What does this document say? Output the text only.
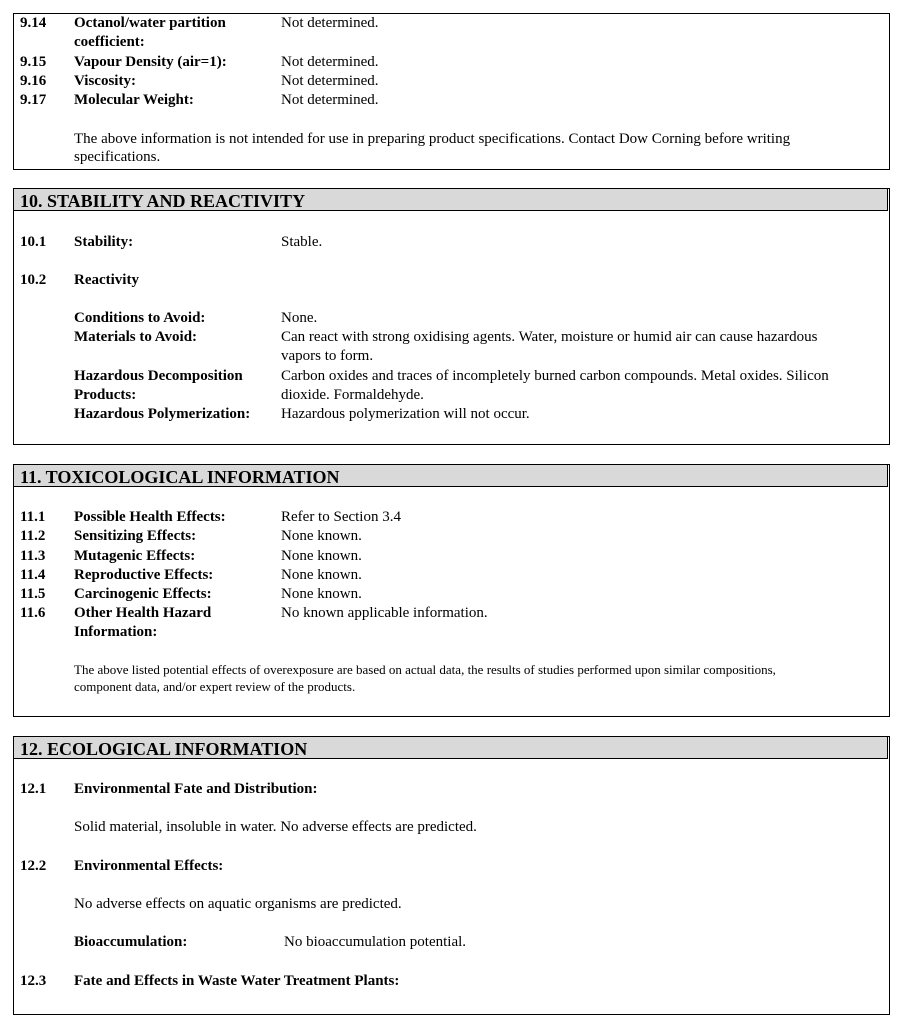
9.14 Octanol/water partition	Not determined.
coefficient:
9.15 Vapour Density (air=1):	Not determined.
9.16 Viscosity:	Not determined.
9.17 Molecular Weight:	Not determined.
The above information is not intended for use in preparing product specifications. Contact Dow Corning before writing
specifications.
10. STABILITY AND REACTIVITY
10.1 Stability:	Stable.
10.2 Reactivity
Conditions to Avoid:	None.
Materials to Avoid:	Can react with strong oxidising agents. Water, moisture or humid air can cause hazardous
vapors to form.
Hazardous Decomposition	Carbon oxides and traces of incompletely burned carbon compounds. Metal oxides. Silicon
Products:	dioxide. Formaldehyde.
Hazardous Polymerization: Hazardous polymerization will not occur.
11. TOXICOLOGICAL INFORMATION
11.1 Possible Health Effects:	Refer to Section 3.4
11.2 Sensitizing Effects:	None known.
11.3 Mutagenic Effects:	None known.
11.4 Reproductive Effects:	None known.
11.5 Carcinogenic Effects:	None known.
11.6 Other Health Hazard	No known applicable information.
Information:
The above listed potential effects of overexposure are based on actual data, the results of studies performed upon similar compositions,
component data, and/or expert review of the products.
12. ECOLOGICAL INFORMATION
12.1 Environmental Fate and Distribution:
Solid material, insoluble in water. No adverse effects are predicted.
12.2 Environmental Effects:
No adverse effects on aquatic organisms are predicted.
Bioaccumulation:	No bioaccumulation potential.
12.3 Fate and Effects in Waste Water Treatment Plants:
